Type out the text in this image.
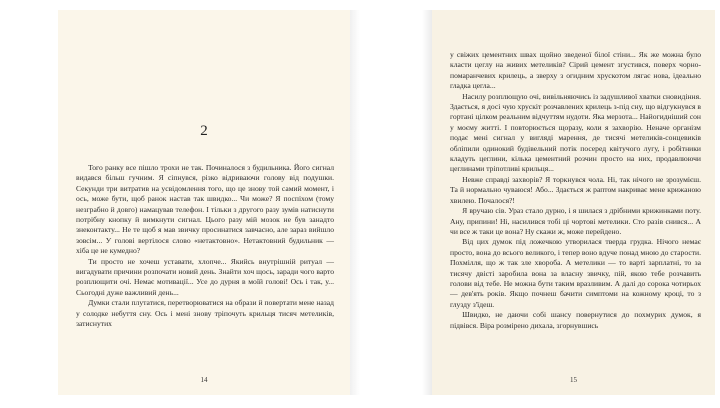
2

Того ранку все пішло трохи не так. Починалося з будильника. Його сигнал видався більш гучним. Я сіпнувся, різко відриваючи голову від подушки. Секунди три витратив на усвідомлення того, що це знову той самий момент, і ось, може бути, щоб ранок настав так швидко... Чи може? Я поспіхом (тому незграбно й довго) намацував телефон. І тільки з другого разу зумів натиснути потрібну кнопку й вимкнути сигнал. Цього разу мій мозок не був занадто знеконтакту... Не те щоб я мав звичку просинатися завчасно, але зараз вийшло зовсім... У голові вертілося слово «нетактовно». Нетактовний будильник — хіба це не кумедно?

Ти просто не хочеш уставати, хлопче... Якийсь внутрішній ритуал — вигадувати причини розпочати новий день. Знайти хоч щось, заради чого варто розплющити очі. Немає мотивації... Усе до дурня в моїй голові! Ось і так, у... Сьогодні дуже важливий день...

Думки стали плутатися, перетворюватися на образи й повертати мене назад у солодке небуття сну. Ось і мені знову тріпочуть крильця тисяч метеликів, затиснутих

14

у свіжих цементних швах щойно зведеної білої стіни... Як же можна було класти цеглу на живих метеликів? Сірий цемент згустився, поверх чорно-помаранчевих крилець, а зверху з огидним хрускотом лягає нова, ідеально гладка цегла...

Насилу розплющую очі, вивільняючись із задушливої хватки сновидіння. Здається, я досі чую хрускіт розчавлених крилець з-під сну, що відгукнувся в гортані цілком реальним відчуттям нудоти. Яка мерзота... Найогидніший сон у моєму житті. І повторюється щоразу, коли я захворію. Неначе організм подає мені сигнал у вигляді марення, де тисячі метеликів-сонцевиків обліпили одинокий будівельний потік посеред квітучого лугу, і робітники кладуть цеглини, кілька цементний розчин просто на них, продавлюючи цеглинами тріпотливі крильця...

Невже справді захворів? Я торкнувся чола. Ні, так нічого не зрозумієш. Та й нормально чуваюся! Або... Здається ж раптом накриває мене крижаною хвилею. Почалося?!

Я вручаю сів. Ураз стало дурно, і я шилася з дрібними крижинками поту. Ану, припини! Ні, насилився тобі ці чортові метелики. Сто разів снився... А чи все ж таки це вона? Ну скажи ж, може перейдено.

Від цих думок під ложечкою утворилася тверда грудка. Нічого немає просто, вона до всього великого, і тепер воно вдуче понад мною до старости. Похмілля, що ж так зле хвороба. А метелики — то варті зарплатні, то за тисячу двісті заробила вона за власну звичку, пій, якою тебе розчавить голови від тебе. Не можна бути таким вразливим. А далі до сорока чотирьох — дев'ять років. Якщо почнеш бачити симптоми на кожному кроці, то з глузду з'їдеш.

Швидко, не даючи собі шансу повернутися до похмурих думок, я підвівся. Віра розмірено дихала, згорнувшись

15
